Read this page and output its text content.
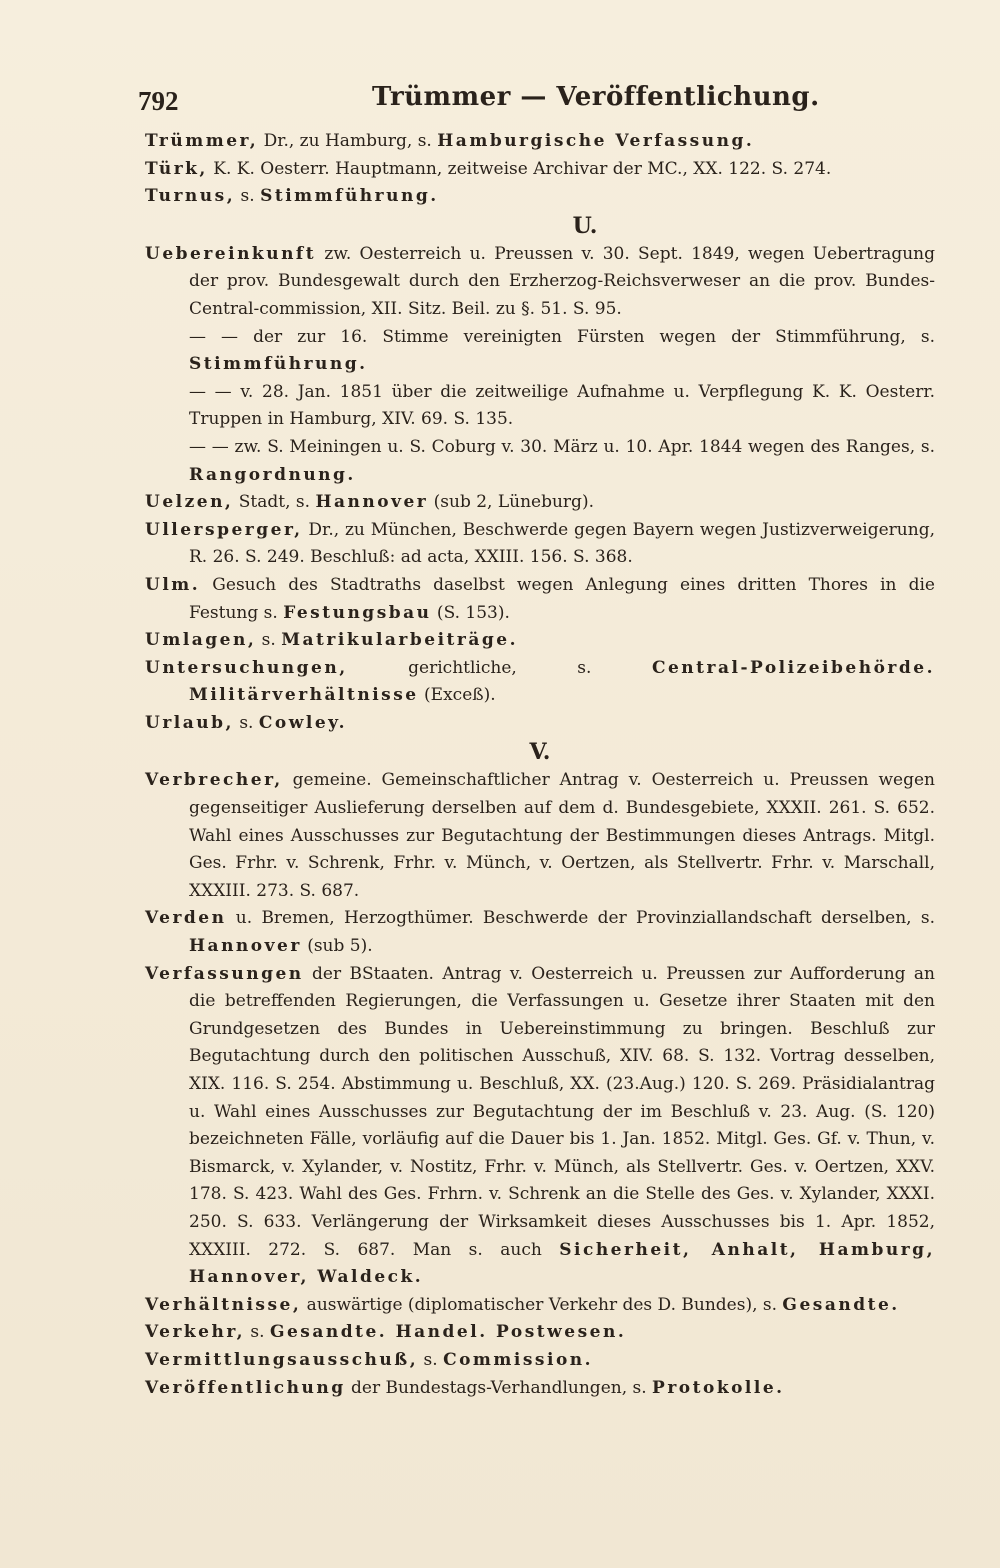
792	Trümmer — Veröffentlichung.

Trümmer, Dr., zu Hamburg, s. Hamburgische Verfassung.

Türk, K. K. Oesterr. Hauptmann, zeitweise Archivar der MC., XX. 122. S. 274.

Turnus, s. Stimmführung.

U.

Uebereinkunft zw. Oesterreich u. Preussen v. 30. Sept. 1849, wegen Uebertragung der prov. Bundesgewalt durch den Erzherzog-Reichsverweser an die prov. Bundes-Central-commission, XII. Sitz. Beil. zu §. 51. S. 95.

— — der zur 16. Stimme vereinigten Fürsten wegen der Stimmführung, s. Stimmführung.

— — v. 28. Jan. 1851 über die zeitweilige Aufnahme u. Verpflegung K. K. Oesterr. Truppen in Hamburg, XIV. 69. S. 135.

— — zw. S. Meiningen u. S. Coburg v. 30. März u. 10. Apr. 1844 wegen des Ranges, s. Rangordnung.

Uelzen, Stadt, s. Hannover (sub 2, Lüneburg).

Ullersperger, Dr., zu München, Beschwerde gegen Bayern wegen Justizverweigerung, R. 26. S. 249. Beschluß: ad acta, XXIII. 156. S. 368.

Ulm. Gesuch des Stadtraths daselbst wegen Anlegung eines dritten Thores in die Festung s. Festungsbau (S. 153).

Umlagen, s. Matrikularbeiträge.

Untersuchungen, gerichtliche, s. Central-Polizeibehörde. Militärverhältnisse (Exceß).

Urlaub, s. Cowley.

V.

Verbrecher, gemeine. Gemeinschaftlicher Antrag v. Oesterreich u. Preussen wegen gegenseitiger Auslieferung derselben auf dem d. Bundesgebiete, XXXII. 261. S. 652. Wahl eines Ausschusses zur Begutachtung der Bestimmungen dieses Antrags. Mitgl. Ges. Frhr. v. Schrenk, Frhr. v. Münch, v. Oertzen, als Stellvertr. Frhr. v. Marschall, XXXIII. 273. S. 687.

Verden u. Bremen, Herzogthümer. Beschwerde der Provinziallandschaft derselben, s. Hannover (sub 5).

Verfassungen der BStaaten. Antrag v. Oesterreich u. Preussen zur Aufforderung an die betreffenden Regierungen, die Verfassungen u. Gesetze ihrer Staaten mit den Grundgesetzen des Bundes in Uebereinstimmung zu bringen. Beschluß zur Begutachtung durch den politischen Ausschuß, XIV. 68. S. 132. Vortrag desselben, XIX. 116. S. 254. Abstimmung u. Beschluß, XX. (23.Aug.) 120. S. 269. Präsidialantrag u. Wahl eines Ausschusses zur Begutachtung der im Beschluß v. 23. Aug. (S. 120) bezeichneten Fälle, vorläufig auf die Dauer bis 1. Jan. 1852. Mitgl. Ges. Gf. v. Thun, v. Bismarck, v. Xylander, v. Nostitz, Frhr. v. Münch, als Stellvertr. Ges. v. Oertzen, XXV. 178. S. 423. Wahl des Ges. Frhrn. v. Schrenk an die Stelle des Ges. v. Xylander, XXXI. 250. S. 633. Verlängerung der Wirksamkeit dieses Ausschusses bis 1. Apr. 1852, XXXIII. 272. S. 687. Man s. auch Sicherheit, Anhalt, Hamburg, Hannover, Waldeck.

Verhältnisse, auswärtige (diplomatischer Verkehr des D. Bundes), s. Gesandte.

Verkehr, s. Gesandte. Handel. Postwesen.

Vermittlungsausschuß, s. Commission.

Veröffentlichung der Bundestags-Verhandlungen, s. Protokolle.
